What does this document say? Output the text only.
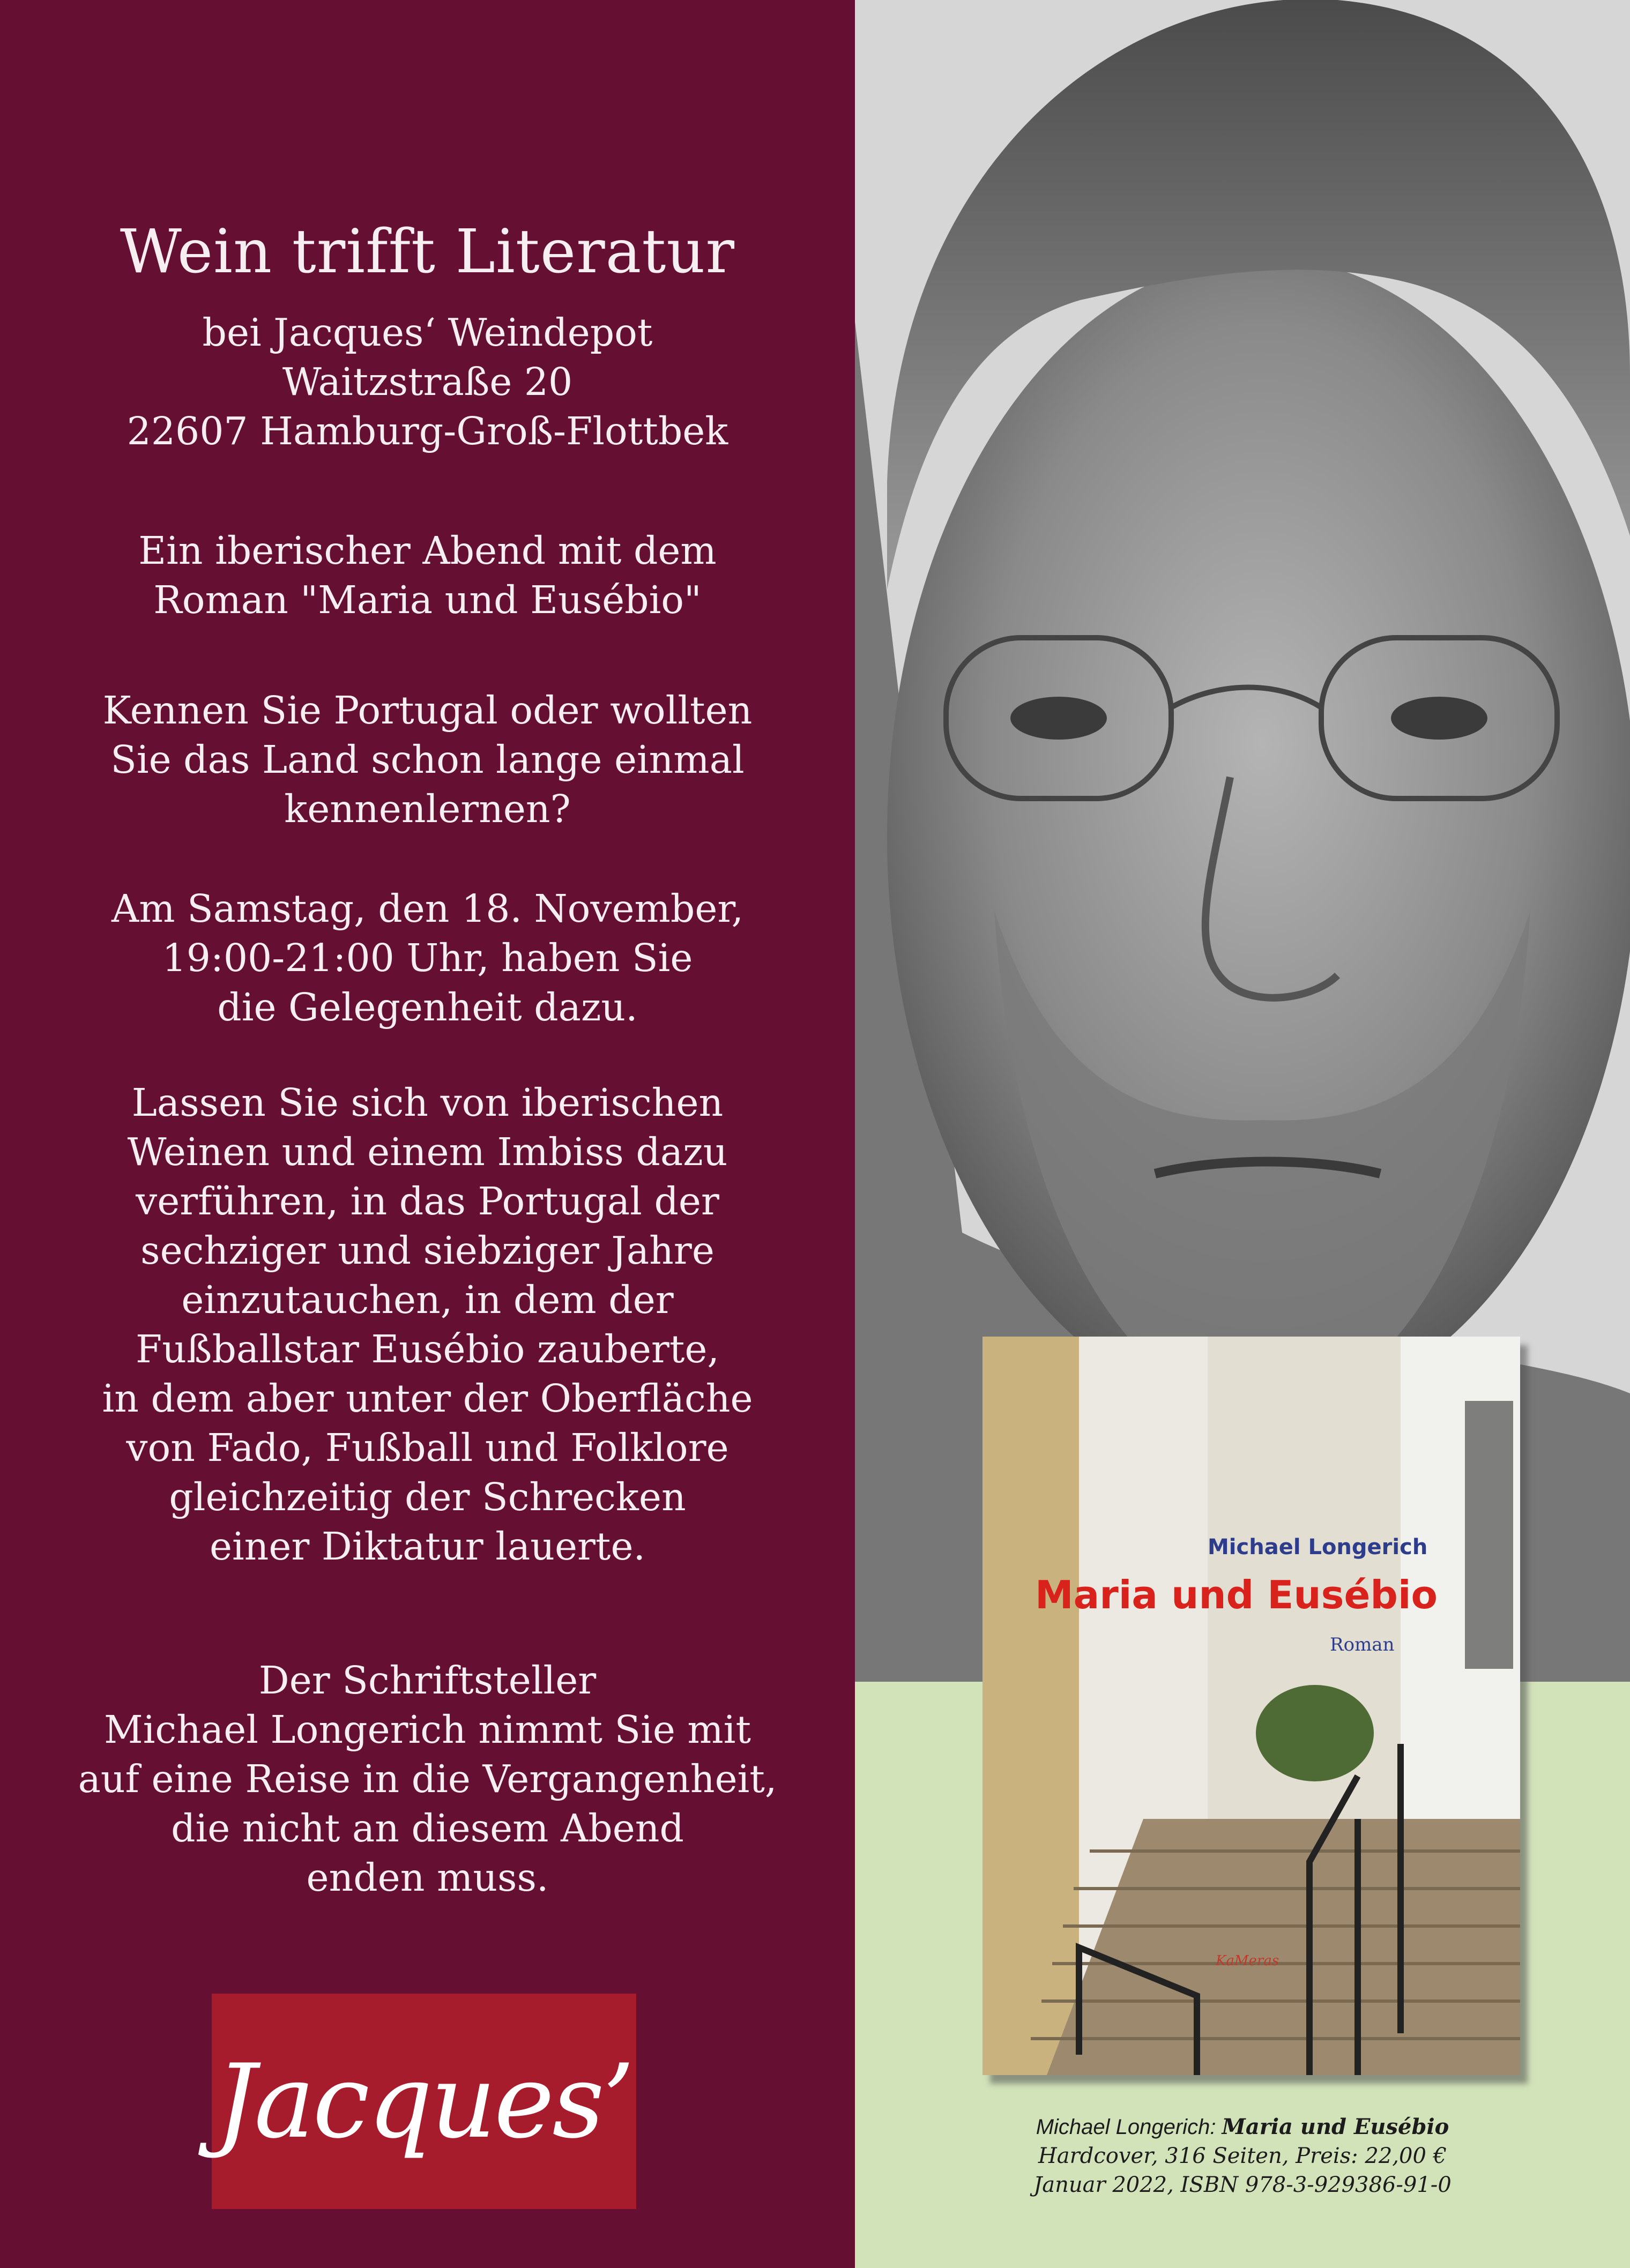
Wein trifft Literatur
bei Jacques‘ Weindepot
Waitzstraße 20
22607 Hamburg-Groß-Flottbek
Ein iberischer Abend mit dem
Roman "Maria und Eusébio"
Kennen Sie Portugal oder wollten
Sie das Land schon lange einmal
kennenlernen?
Am Samstag, den 18. November,
19:00-21:00 Uhr, haben Sie
die Gelegenheit dazu.
Lassen Sie sich von iberischen
Weinen und einem Imbiss dazu
verführen, in das Portugal der
sechziger und siebziger Jahre
einzutauchen, in dem der
Fußballstar Eusébio zauberte,
in dem aber unter der Oberfläche
von Fado, Fußball und Folklore
gleichzeitig der Schrecken
einer Diktatur lauerte.
Der Schriftsteller
Michael Longerich nimmt Sie mit
auf eine Reise in die Vergangenheit,
die nicht an diesem Abend
enden muss.
Jacques’
Michael Longerich
Maria und Eusébio
Roman
KaMeras
Michael Longerich: Maria und Eusébio
Hardcover, 316 Seiten, Preis: 22,00 €
Januar 2022, ISBN 978-3-929386-91-0
